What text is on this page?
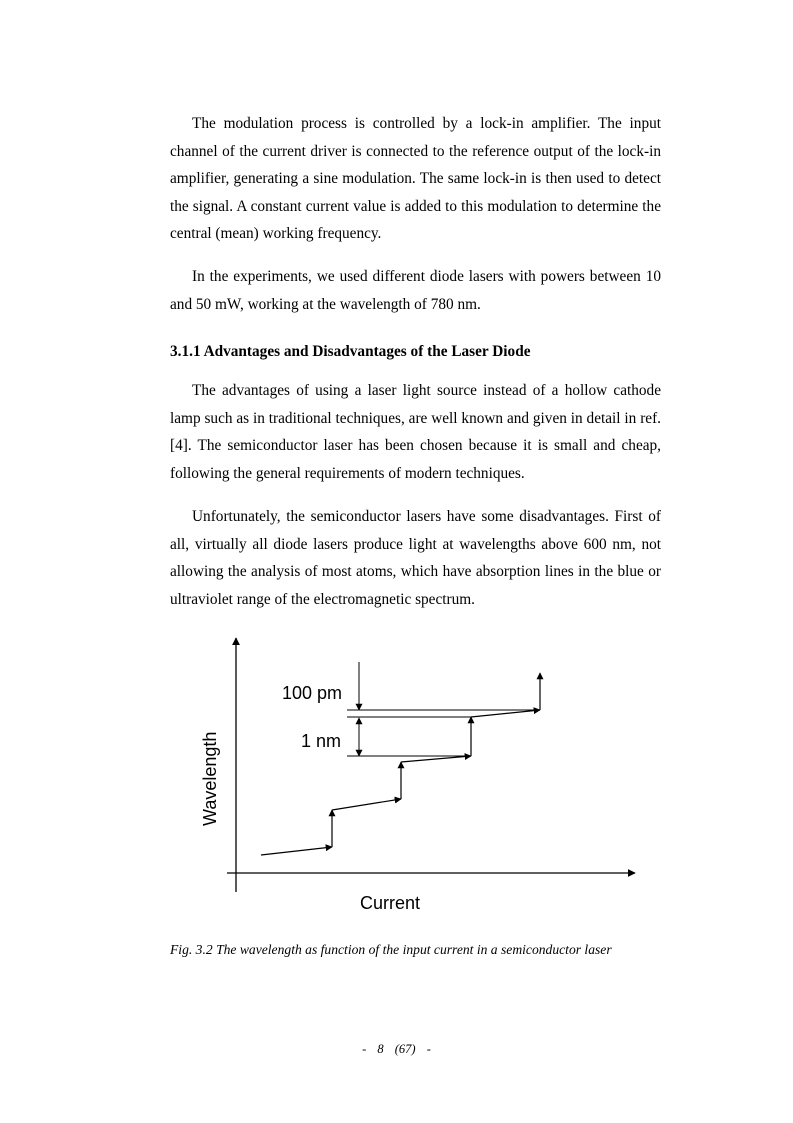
The modulation process is controlled by a lock-in amplifier. The input channel of the current driver is connected to the reference output of the lock-in amplifier, generating a sine modulation. The same lock-in is then used to detect the signal. A constant current value is added to this modulation to determine the central (mean) working frequency.

In the experiments, we used different diode lasers with powers between 10 and 50 mW, working at the wavelength of 780 nm.

3.1.1 Advantages and Disadvantages of the Laser Diode

The advantages of using a laser light source instead of a hollow cathode lamp such as in traditional techniques, are well known and given in detail in ref. [4]. The semiconductor laser has been chosen because it is small and cheap, following the general requirements of modern techniques.

Unfortunately, the semiconductor lasers have some disadvantages. First of all, virtually all diode lasers produce light at wavelengths above 600 nm, not allowing the analysis of most atoms, which have absorption lines in the blue or ultraviolet range of the electromagnetic spectrum.

100 pm
1 nm
Current
Wavelength

Fig. 3.2 The wavelength as function of the input current in a semiconductor laser

- 8 (67) -
